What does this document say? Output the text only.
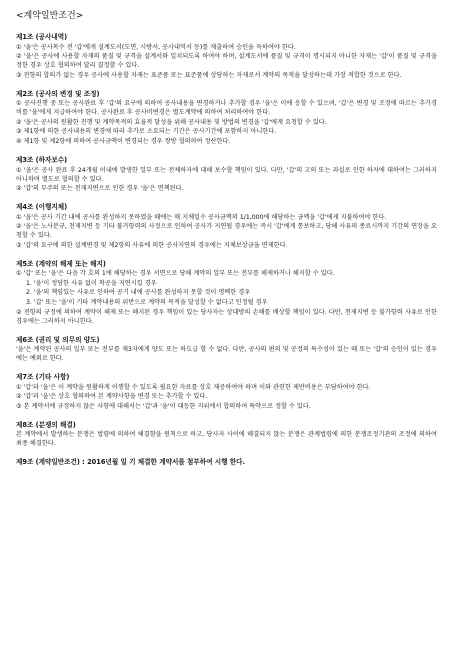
<계약일반조건>
제1조 (공사내역)
① '을'은 공사목수 전 '갑'에게 설계도서(도면, 시방서, 공사내역서 등)를 제출하여 승인을 득하여야 한다.
② '을'은 공사에 사용할 자재의 품질 및 규격을 설계서와 일치되도록 하여야 하며, 설계도서에 품질 및 규격이 명시되지 아니한 자재는 '갑'이 품질 및 규격을 정한 경우 상호 협의하여 달리 결정할 수 있다.
③ 전항의 합의가 없는 경우 공사에 사용할 자재는 표준품 또는 표준품에 상당하는 자재로서 계약의 목적을 달성하는데 가장 적합한 것으로 한다.
제2조 (공사의 변경 및 조정)
① 공사진행 중 또는 공사완료 후 '갑'의 요구에 의하여 공사내용을 변경하거나 추가할 경우 '을'은 이에 응할 수 있으며, '갑'은 변경 및 조정에 따르는 추가경비를 '을'에게 지급하여야 한다. 공사완료 후 공사비변경은 별도계약에 의하여 처리하여야 한다.
② '을'은 공사의 원활한 진행 및 계약목적의 효율적 달성을 위해 공사내용 및 방법의 변경을 '갑'에게 요청할 수 있다.
③ 제1항에 의한 공사내용의 변경에 따라 추가로 소요되는 기간은 공사기간에 포함하지 아니한다.
④ 제1항 및 제2항에 의하여 공사금액이 변경되는 경우 쌍방 협의하여 정산한다.
제3조 (하자보수)
① '을'은 공사 완료 후 24개월 이내에 발생한 일부 또는 전체하자에 대해 보수할 책임이 있다. 다만, '갑'의 고의 또는 과실로 인한 하자에 대하여는 그러하지 아니하며 별도로 협의할 수 있다.
② '갑'의 부주의 또는 천재지변으로 인한 경우 '을'은 면책된다.
제4조 (이행지체)
① '을'은 공사 기간 내에 공사를 완성하지 못하였을 때에는 매 지체일수 공사금액의 1/1,000에 해당하는 금액을 '갑'에게 지불하여야 한다.
② '을'은 노사분규, 천재지변 등 기타 불가항력의 사정으로 인하여 공사가 지연될 경우에는 즉시 '갑'에게 통보하고, 당해 사유의 종료시까지 기간의 연장을 요청할 수 있다.
③ '갑'의 요구에 의한 설계변경 및 제2항의 사유에 의한 공사지연의 경우에는 지체보상금을 면제한다.
제5조 (계약의 해제 또는 해지)
① '갑' 또는 '을'은 다음 각 호의 1에 해당하는 경우 서면으로 당해 계약의 일부 또는 전부를 해제하거나 해지할 수 있다.
1. '을'이 정당한 사유 없이 착공을 지연시킬 경우
2. '을'의 책임있는 사유로 인하여 공기 내에 공사를 완성하지 못할 것이 명백한 경우
3. '갑' 또는 '을'이 기타 계약내용의 위반으로 계약의 목적을 달성할 수 없다고 인정될 경우
② 전항의 규정에 의하여 계약이 해제 또는 해지된 경우 책임이 있는 당사자는 상대방의 손해를 배상할 책임이 있다. 다만, 천재지변 등 불가항력 사유로 인한 경우에는 그러하지 아니한다.
제6조 (권리 및 의무의 양도)
'을'은 계약된 공사의 일부 또는 전부를 제3자에게 양도 또는 하도급 할 수 없다. 다만, 공사의 편의 및 공정의 특수성이 있는 때 또는 '갑'의 승인이 있는 경우에는 예외로 한다.
제7조 (기타 사항)
① '갑'과 '을'은 이 계약을 원활하게 이행할 수 있도록 필요한 자료를 상호 제공하여야 하며 이와 관련한 제반비용은 부담하여야 한다.
② '갑'과 '을'은 상호 협의하여 본 계약사항을 변경 또는 추가할 수 있다.
③ 본 계약서에 규정하지 않은 사항에 대해서는 '갑'과 '을'이 대등한 지위에서 합의하여 특약으로 정할 수 있다.
제8조 (분쟁의 해결)
본 계약에서 발생하는 분쟁은 법령에 의하여 해결함을 원칙으로 하고, 당사자 사이에 해결되지 않는 분쟁은 관계법령에 의한 분쟁조정기관의 조정에 의하여 최종 해결한다.
제9조 (계약일반조건) : 2016년월 일 기 체결한 계약서를 첨부하여 시행 한다.
